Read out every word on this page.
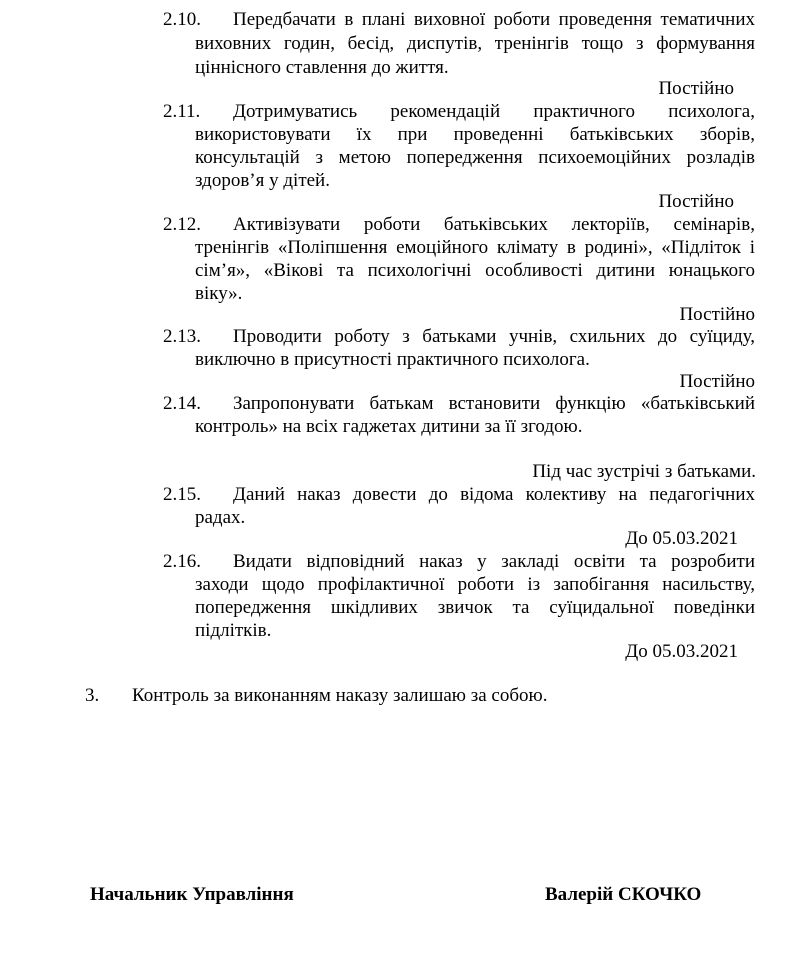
2.10. Передбачати в плані виховної роботи проведення тематичних
виховних годин, бесід, диспутів, тренінгів тощо з формування
ціннісного ставлення до життя.
Постійно
2.11. Дотримуватись рекомендацій практичного психолога,
використовувати їх при проведенні батьківських зборів,
консультацій з метою попередження психоемоційних розладів
здоров’я у дітей.
Постійно
2.12. Активізувати роботи батьківських лекторіїв, семінарів,
тренінгів «Поліпшення емоційного клімату в родині», «Підліток і
сім’я», «Вікові та психологічні особливості дитини юнацького
віку».
Постійно
2.13. Проводити роботу з батьками учнів, схильних до суїциду,
виключно в присутності практичного психолога.
Постійно
2.14. Запропонувати батькам встановити функцію «батьківський
контроль» на всіх гаджетах дитини за її згодою.
Під час зустрічі з батьками.
2.15. Даний наказ довести до відома колективу на педагогічних
радах.
До 05.03.2021
2.16. Видати відповідний наказ у закладі освіти та розробити
заходи щодо профілактичної роботи із запобігання насильству,
попередження шкідливих звичок та суїцидальної поведінки
підлітків.
До 05.03.2021
3. Контроль за виконанням наказу залишаю за собою.
Начальник Управління	Валерій СКОЧКО
